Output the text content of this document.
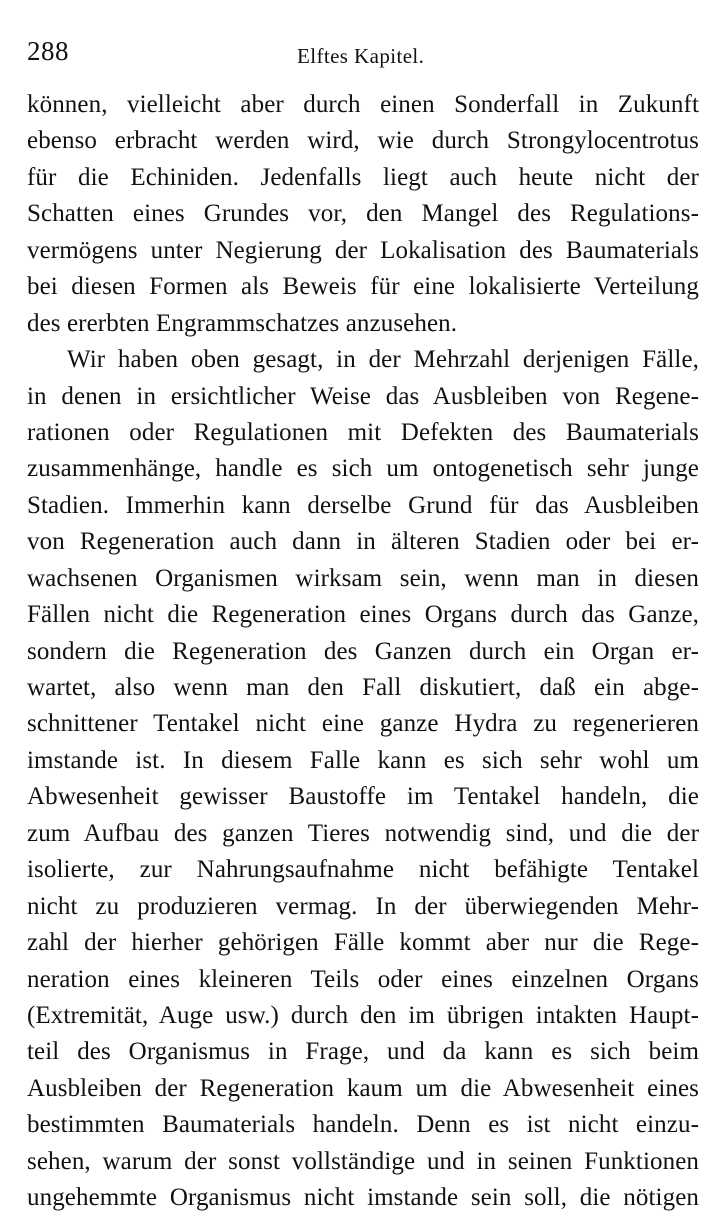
288	Elftes Kapitel.
können, vielleicht aber durch einen Sonderfall in Zukunft
ebenso erbracht werden wird, wie durch Strongylocentrotus
für die Echiniden. Jedenfalls liegt auch heute nicht der
Schatten eines Grundes vor, den Mangel des Regulations-
vermögens unter Negierung der Lokalisation des Baumaterials
bei diesen Formen als Beweis für eine lokalisierte Verteilung
des ererbten Engrammschatzes anzusehen.
Wir haben oben gesagt, in der Mehrzahl derjenigen Fälle,
in denen in ersichtlicher Weise das Ausbleiben von Regene-
rationen oder Regulationen mit Defekten des Baumaterials
zusammenhänge, handle es sich um ontogenetisch sehr junge
Stadien. Immerhin kann derselbe Grund für das Ausbleiben
von Regeneration auch dann in älteren Stadien oder bei er-
wachsenen Organismen wirksam sein, wenn man in diesen
Fällen nicht die Regeneration eines Organs durch das Ganze,
sondern die Regeneration des Ganzen durch ein Organ er-
wartet, also wenn man den Fall diskutiert, daß ein abge-
schnittener Tentakel nicht eine ganze Hydra zu regenerieren
imstande ist. In diesem Falle kann es sich sehr wohl um
Abwesenheit gewisser Baustoffe im Tentakel handeln, die
zum Aufbau des ganzen Tieres notwendig sind, und die der
isolierte, zur Nahrungsaufnahme nicht befähigte Tentakel
nicht zu produzieren vermag. In der überwiegenden Mehr-
zahl der hierher gehörigen Fälle kommt aber nur die Rege-
neration eines kleineren Teils oder eines einzelnen Organs
(Extremität, Auge usw.) durch den im übrigen intakten Haupt-
teil des Organismus in Frage, und da kann es sich beim
Ausbleiben der Regeneration kaum um die Abwesenheit eines
bestimmten Baumaterials handeln. Denn es ist nicht einzu-
sehen, warum der sonst vollständige und in seinen Funktionen
ungehemmte Organismus nicht imstande sein soll, die nötigen
